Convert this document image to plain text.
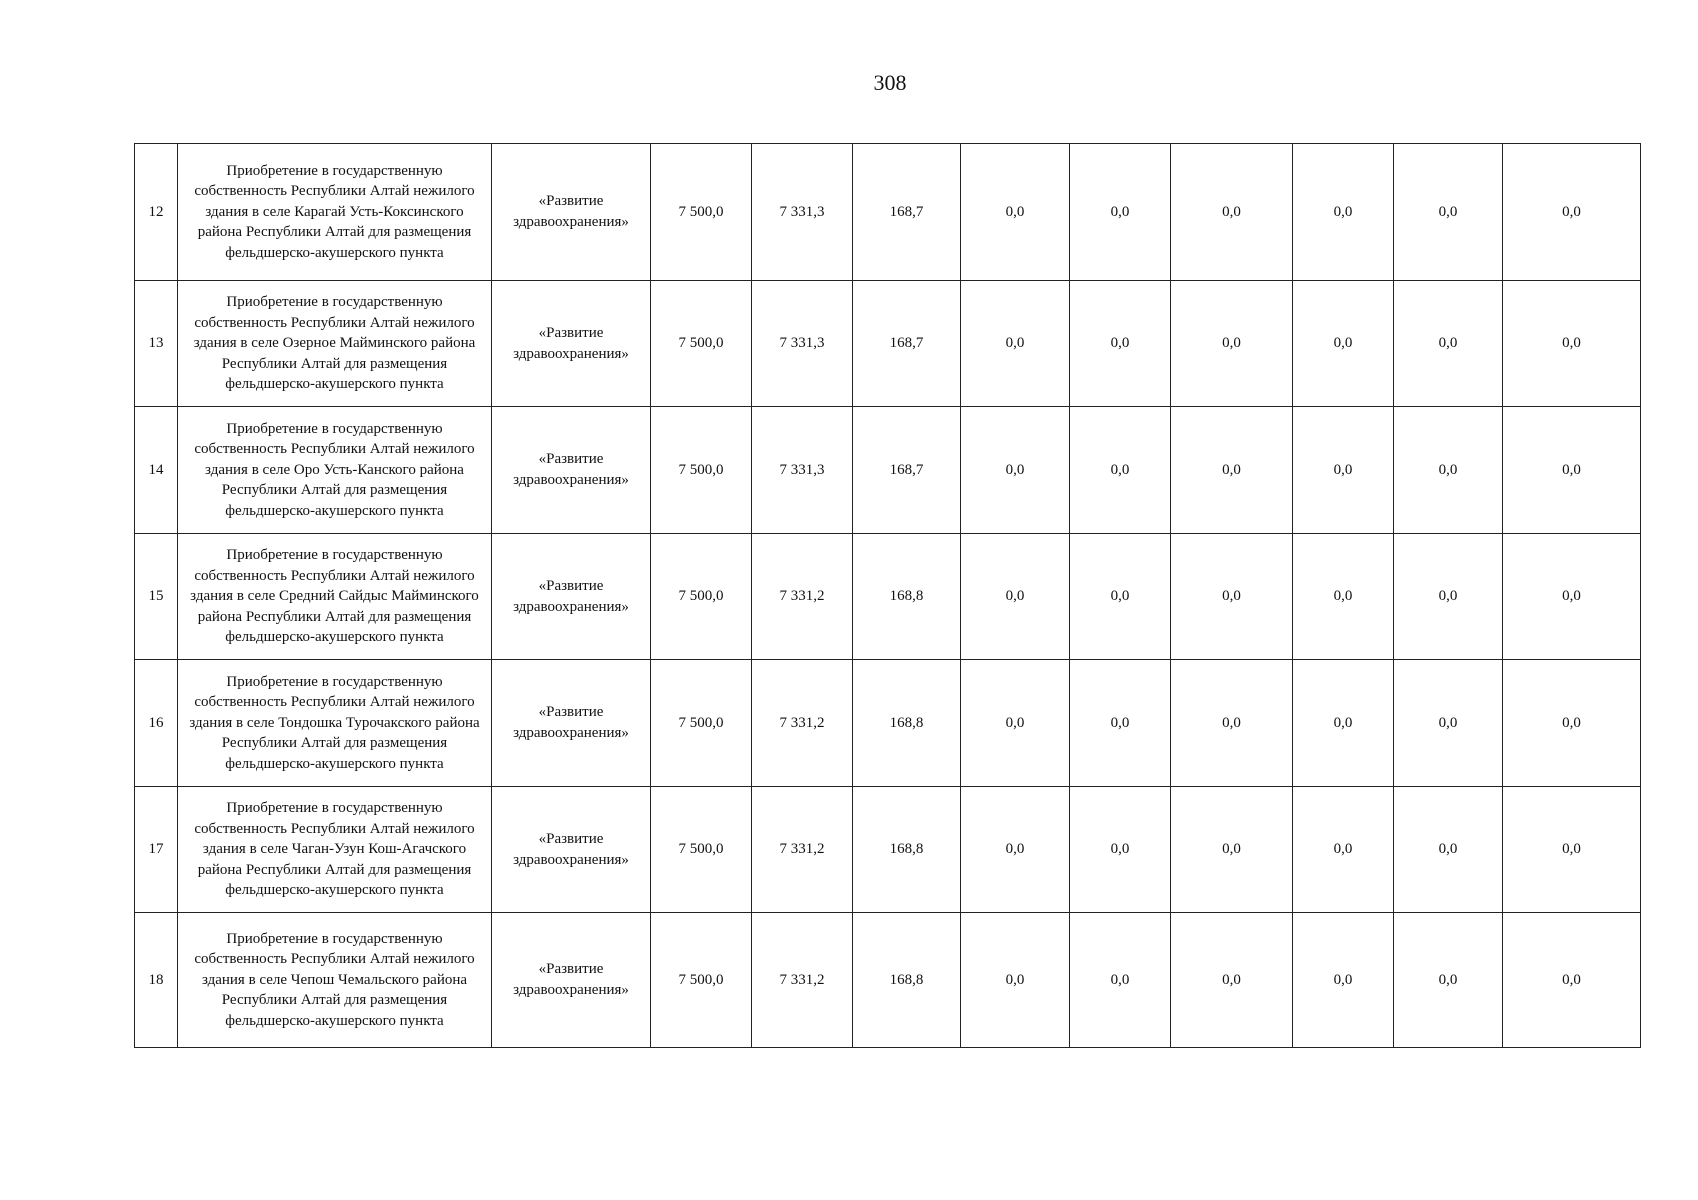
308
12	Приобретение в государственную собственность Республики Алтай нежилого здания в селе Карагай Усть-Коксинского района Республики Алтай для размещения фельдшерско-акушерского пункта	«Развитие здравоохранения»	7 500,0	7 331,3	168,7	0,0	0,0	0,0	0,0	0,0	0,0
13	Приобретение в государственную собственность Республики Алтай нежилого здания в селе Озерное Майминского района Республики Алтай для размещения фельдшерско-акушерского пункта	«Развитие здравоохранения»	7 500,0	7 331,3	168,7	0,0	0,0	0,0	0,0	0,0	0,0
14	Приобретение в государственную собственность Республики Алтай нежилого здания в селе Оро Усть-Канского района Республики Алтай для размещения фельдшерско-акушерского пункта	«Развитие здравоохранения»	7 500,0	7 331,3	168,7	0,0	0,0	0,0	0,0	0,0	0,0
15	Приобретение в государственную собственность Республики Алтай нежилого здания в селе Средний Сайдыс Майминского района Республики Алтай для размещения фельдшерско-акушерского пункта	«Развитие здравоохранения»	7 500,0	7 331,2	168,8	0,0	0,0	0,0	0,0	0,0	0,0
16	Приобретение в государственную собственность Республики Алтай нежилого здания в селе Тондошка Турочакского района Республики Алтай для размещения фельдшерско-акушерского пункта	«Развитие здравоохранения»	7 500,0	7 331,2	168,8	0,0	0,0	0,0	0,0	0,0	0,0
17	Приобретение в государственную собственность Республики Алтай нежилого здания в селе Чаган-Узун Кош-Агачского района Республики Алтай для размещения фельдшерско-акушерского пункта	«Развитие здравоохранения»	7 500,0	7 331,2	168,8	0,0	0,0	0,0	0,0	0,0	0,0
18	Приобретение в государственную собственность Республики Алтай нежилого здания в селе Чепош Чемальского района Республики Алтай для размещения фельдшерско-акушерского пункта	«Развитие здравоохранения»	7 500,0	7 331,2	168,8	0,0	0,0	0,0	0,0	0,0	0,0
